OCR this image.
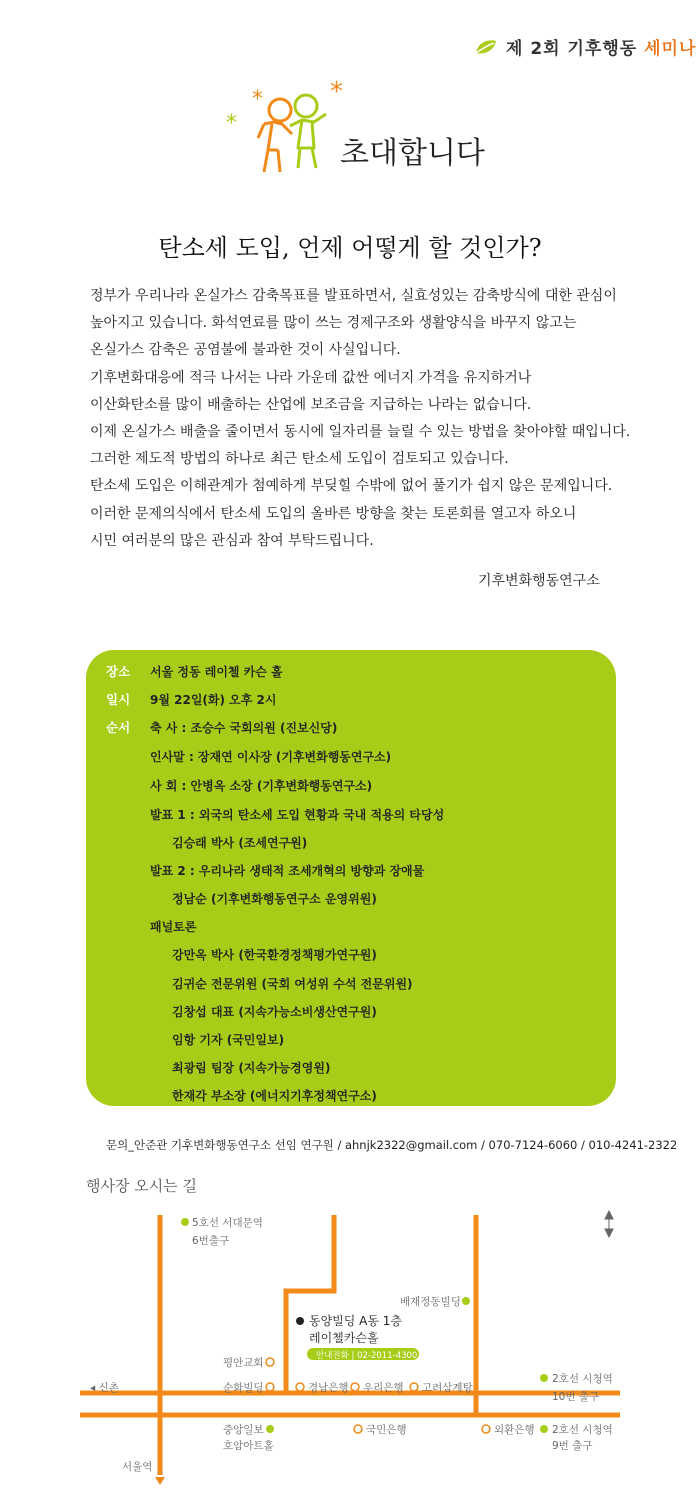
제 2회 기후행동 세미나
*
*	*
초대합니다
탄소세 도입, 언제 어떻게 할 것인가?
정부가 우리나라 온실가스 감축목표를 발표하면서, 실효성있는 감축방식에 대한 관심이
높아지고 있습니다. 화석연료를 많이 쓰는 경제구조와 생활양식을 바꾸지 않고는
온실가스 감축은 공염불에 불과한 것이 사실입니다.
기후변화대응에 적극 나서는 나라 가운데 값싼 에너지 가격을 유지하거나
이산화탄소를 많이 배출하는 산업에 보조금을 지급하는 나라는 없습니다.
이제 온실가스 배출을 줄이면서 동시에 일자리를 늘릴 수 있는 방법을 찾아야할 때입니다.
그러한 제도적 방법의 하나로 최근 탄소세 도입이 검토되고 있습니다.
탄소세 도입은 이해관계가 첨예하게 부딪힐 수밖에 없어 풀기가 쉽지 않은 문제입니다.
이러한 문제의식에서 탄소세 도입의 올바른 방향을 찾는 토론회를 열고자 하오니
시민 여러분의 많은 관심과 참여 부탁드립니다.
기후변화행동연구소
장소 서울 정동 레이첼 카슨 홀
일시 9월 22일(화) 오후 2시
순서 축 사 : 조승수 국회의원 (진보신당)
인사말 : 장재연 이사장 (기후변화행동연구소)
사 회 : 안병옥 소장 (기후변화행동연구소)
발표 1 : 외국의 탄소세 도입 현황과 국내 적용의 타당성
김승래 박사 (조세연구원)
발표 2 : 우리나라 생태적 조세개혁의 방향과 장애물
정남순 (기후변화행동연구소 운영위원)
패널토론
강만옥 박사 (한국환경정책평가연구원)
김귀순 전문위원 (국회 여성위 수석 전문위원)
김창섭 대표 (지속가능소비생산연구원)
임항 기자 (국민일보)
최광림 팀장 (지속가능경영원)
한재각 부소장 (에너지기후정책연구소)
문의_안준관 기후변화행동연구소 선임 연구원 / ahnjk2322@gmail.com / 070-7124-6060 / 010-4241-2322
행사장 오시는 길
5호선 서대문역
6번출구
배재정동빌딩
동양빌딩 A동 1층
레이첼카슨홀
안내전화 | 02-2011-4300
평안교회
◂ 신촌	순화빌딩	경남은행 우리은행 고려삼계탕
2호선 시청역
10번 출구
중앙일보
호암아트홀
국민은행	외환은행 2호선 시청역
9번 출구
서울역
